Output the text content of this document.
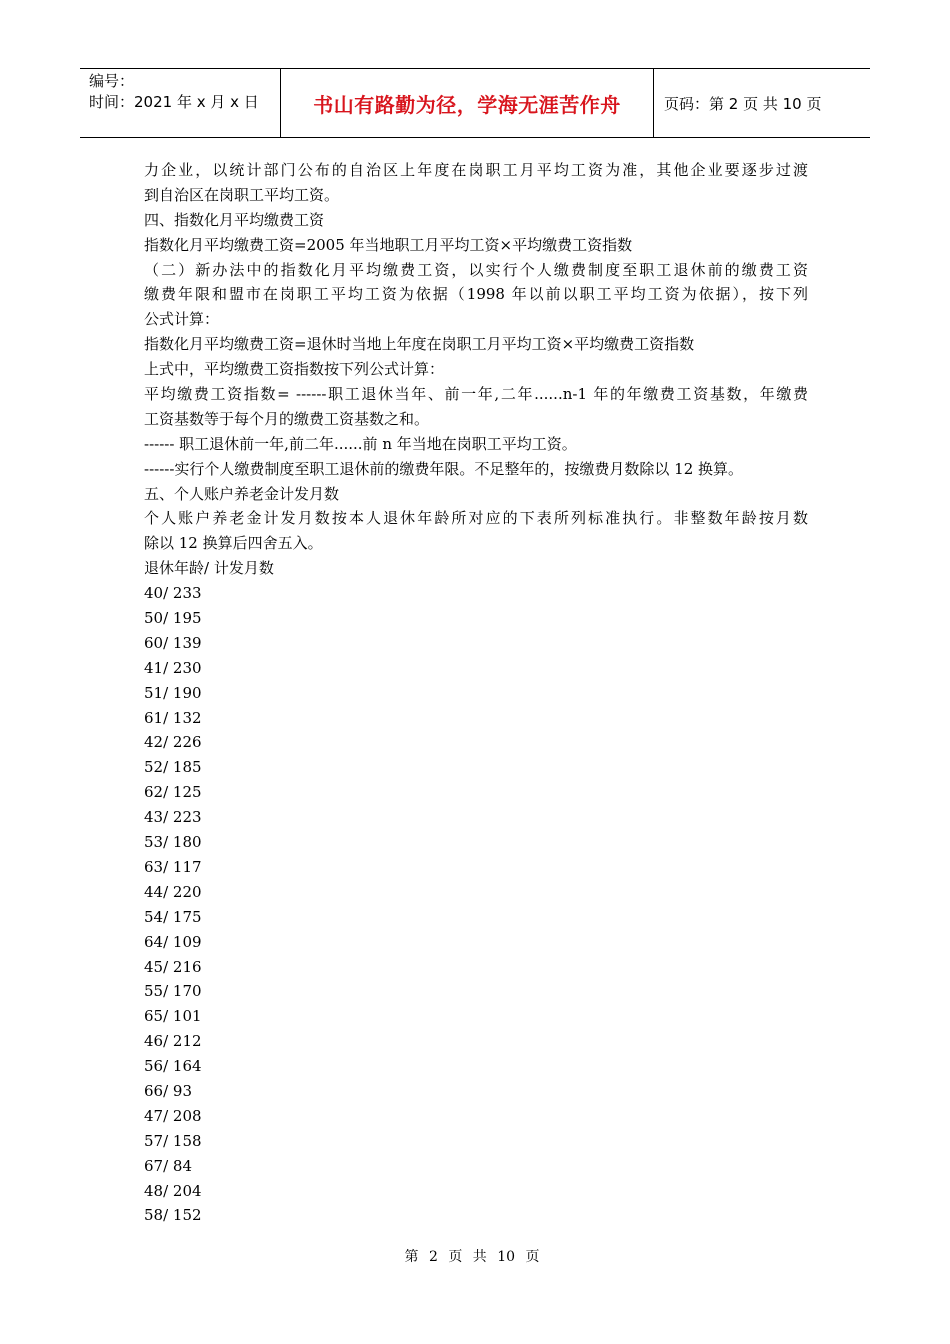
编号：
时间：2021 年 x 月 x 日	书山有路勤为径，学海无涯苦作舟	页码：第 2 页 共 10 页
力企业，以统计部门公布的自治区上年度在岗职工月平均工资为准，其他企业要逐步过渡
到自治区在岗职工平均工资。
四、指数化月平均缴费工资
指数化月平均缴费工资=2005 年当地职工月平均工资×平均缴费工资指数
（二）新办法中的指数化月平均缴费工资，以实行个人缴费制度至职工退休前的缴费工资
缴费年限和盟市在岗职工平均工资为依据（1998 年以前以职工平均工资为依据），按下列
公式计算：
指数化月平均缴费工资=退休时当地上年度在岗职工月平均工资×平均缴费工资指数
上式中，平均缴费工资指数按下列公式计算：
平均缴费工资指数= ------职工退休当年、前一年,二年......n-1 年的年缴费工资基数，年缴费
工资基数等于每个月的缴费工资基数之和。
------ 职工退休前一年,前二年......前 n 年当地在岗职工平均工资。
------实行个人缴费制度至职工退休前的缴费年限。不足整年的，按缴费月数除以 12 换算。
五、个人账户养老金计发月数
个人账户养老金计发月数按本人退休年龄所对应的下表所列标准执行。非整数年龄按月数
除以 12 换算后四舍五入。
退休年龄/ 计发月数
40/ 233
50/ 195
60/ 139
41/ 230
51/ 190
61/ 132
42/ 226
52/ 185
62/ 125
43/ 223
53/ 180
63/ 117
44/ 220
54/ 175
64/ 109
45/ 216
55/ 170
65/ 101
46/ 212
56/ 164
66/ 93
47/ 208
57/ 158
67/ 84
48/ 204
58/ 152
第 2 页 共 10 页
